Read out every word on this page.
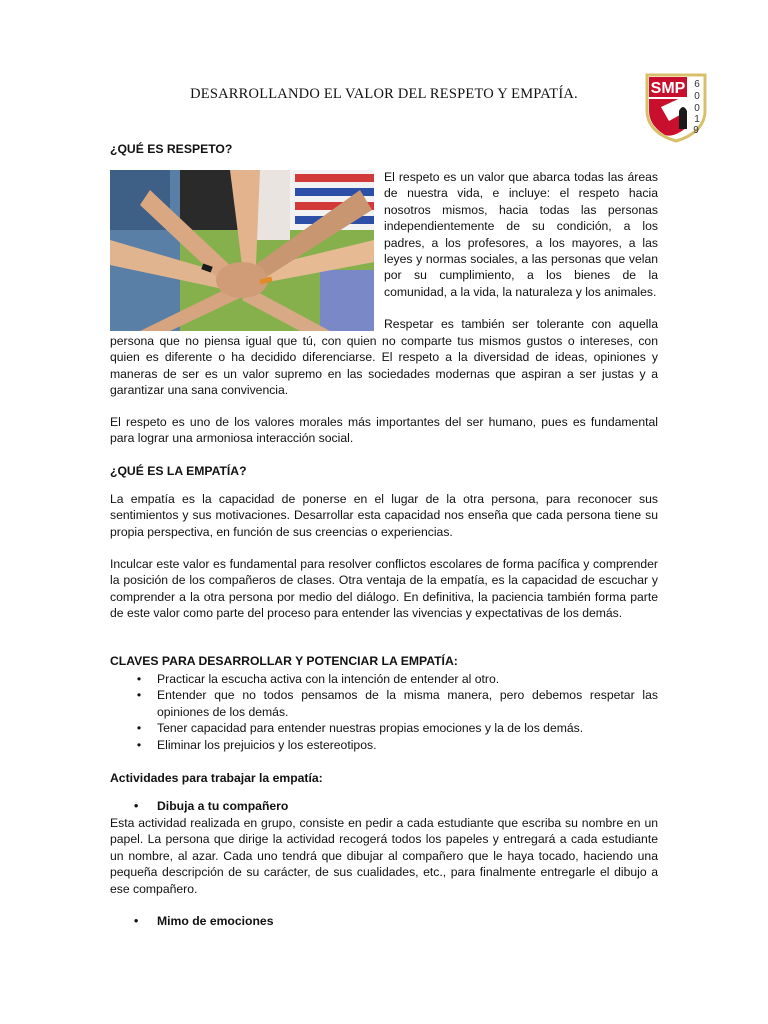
DESARROLLANDO EL VALOR DEL RESPETO Y EMPATÍA.	SMP 6
0
0
1
9
¿QUÉ ES RESPETO?
El respeto es un valor que abarca todas las áreas de nuestra vida, e incluye: el respeto hacia nosotros mismos, hacia todas las personas independientemente de su condición, a los padres, a los profesores, a los mayores, a las leyes y normas sociales, a las personas que velan por su cumplimiento, a los bienes de la comunidad, a la vida, la naturaleza y los animales.
Respetar es también ser tolerante con aquella
persona que no piensa igual que tú, con quien no comparte tus mismos gustos o intereses, con quien es diferente o ha decidido diferenciarse. El respeto a la diversidad de ideas, opiniones y maneras de ser es un valor supremo en las sociedades modernas que aspiran a ser justas y a garantizar una sana convivencia.
El respeto es uno de los valores morales más importantes del ser humano, pues es fundamental para lograr una armoniosa interacción social.
¿QUÉ ES LA EMPATÍA?
La empatía es la capacidad de ponerse en el lugar de la otra persona, para reconocer sus sentimientos y sus motivaciones. Desarrollar esta capacidad nos enseña que cada persona tiene su propia perspectiva, en función de sus creencias o experiencias.
Inculcar este valor es fundamental para resolver conflictos escolares de forma pacífica y comprender la posición de los compañeros de clases. Otra ventaja de la empatía, es la capacidad de escuchar y comprender a la otra persona por medio del diálogo. En definitiva, la paciencia también forma parte de este valor como parte del proceso para entender las vivencias y expectativas de los demás.
CLAVES PARA DESARROLLAR Y POTENCIAR LA EMPATÍA:
• Practicar la escucha activa con la intención de entender al otro.
• Entender que no todos pensamos de la misma manera, pero debemos respetar las opiniones de los demás.
• Tener capacidad para entender nuestras propias emociones y la de los demás.
• Eliminar los prejuicios y los estereotipos.
Actividades para trabajar la empatía:
• Dibuja a tu compañero
Esta actividad realizada en grupo, consiste en pedir a cada estudiante que escriba su nombre en un papel. La persona que dirige la actividad recogerá todos los papeles y entregará a cada estudiante un nombre, al azar. Cada uno tendrá que dibujar al compañero que le haya tocado, haciendo una pequeña descripción de su carácter, de sus cualidades, etc., para finalmente entregarle el dibujo a ese compañero.
• Mimo de emociones
